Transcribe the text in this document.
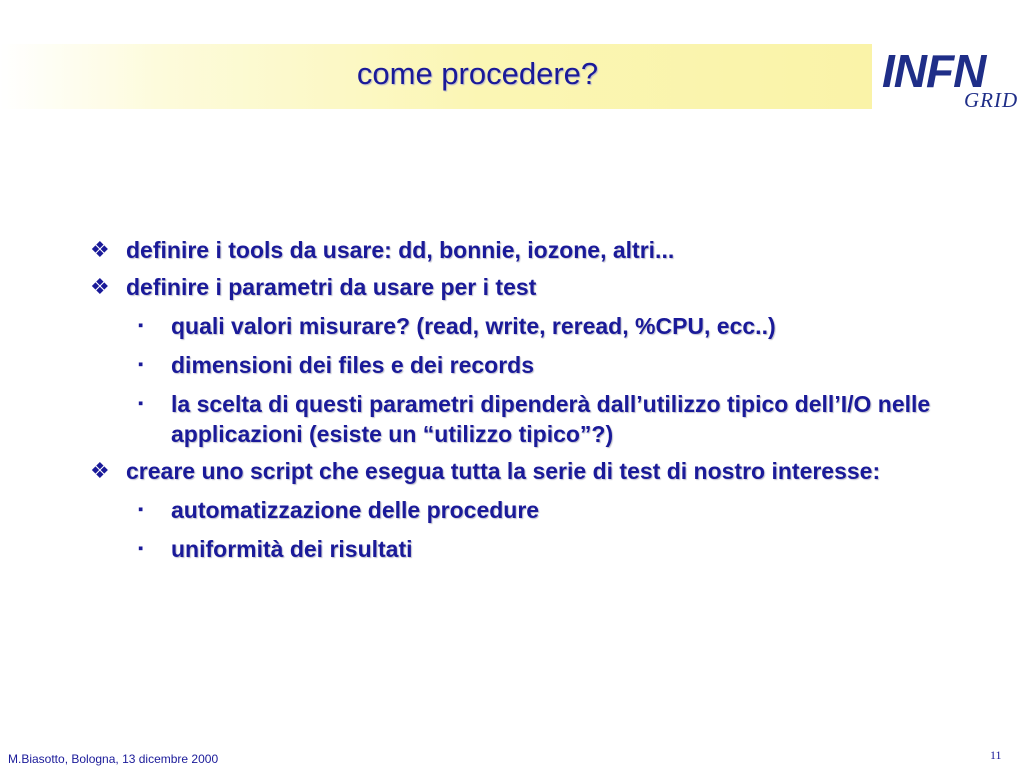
come procedere?	INFN
GRID
❖ definire i tools da usare: dd, bonnie, iozone, altri...
❖ definire i parametri da usare per i test
▪ quali valori misurare? (read, write, reread, %CPU, ecc..)
▪ dimensioni dei files e dei records
▪ la scelta di questi parametri dipenderà dall’utilizzo tipico dell’I/O nelle applicazioni (esiste un “utilizzo tipico”?)
❖ creare uno script che esegua tutta la serie di test di nostro interesse:
▪ automatizzazione delle procedure
▪ uniformità dei risultati
M.Biasotto, Bologna, 13 dicembre 2000	11
